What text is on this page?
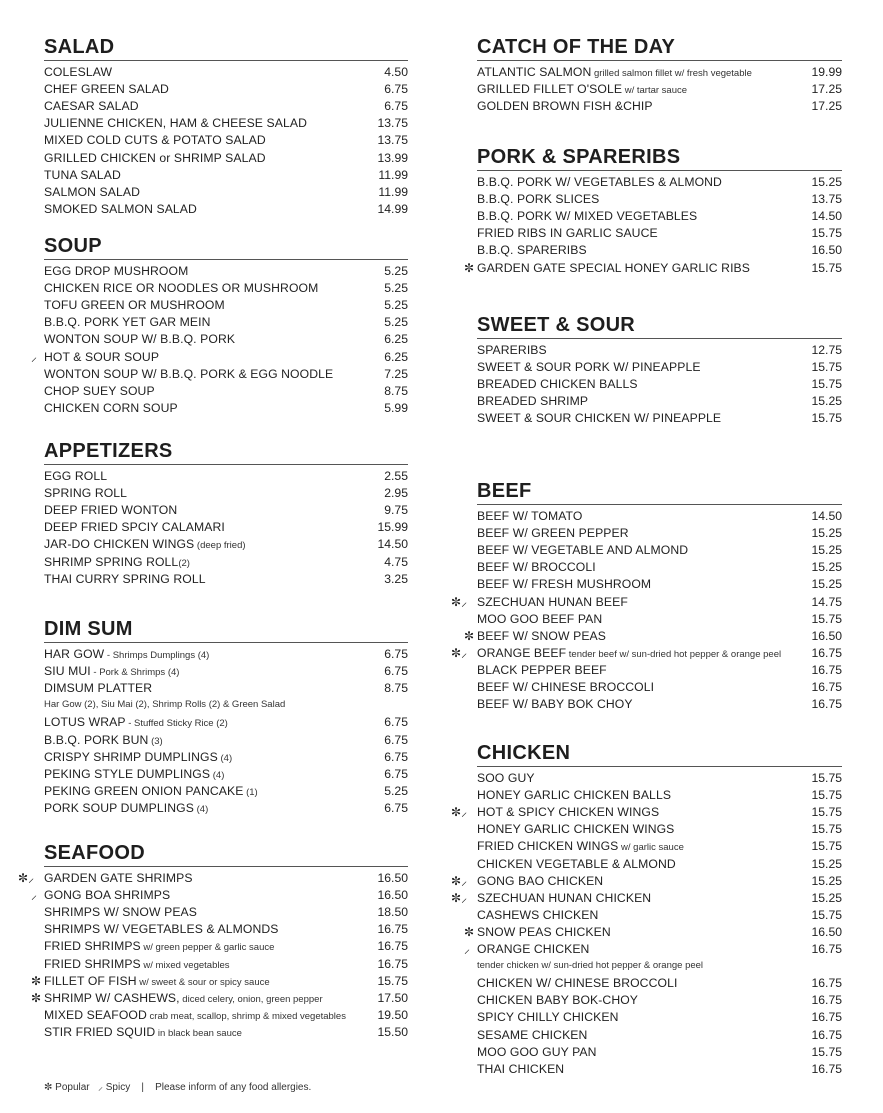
SALAD
COLESLAW	4.50
CHEF GREEN SALAD	6.75
CAESAR SALAD	6.75
JULIENNE CHICKEN, HAM & CHEESE SALAD	13.75
MIXED COLD CUTS & POTATO SALAD	13.75
GRILLED CHICKEN or SHRIMP SALAD	13.99
TUNA SALAD	11.99
SALMON SALAD	11.99
SMOKED SALMON SALAD	14.99
SOUP
EGG DROP MUSHROOM	5.25
CHICKEN RICE OR NOODLES OR MUSHROOM	5.25
TOFU GREEN OR MUSHROOM	5.25
B.B.Q. PORK YET GAR MEIN	5.25
WONTON SOUP W/ B.B.Q. PORK	6.25
HOT & SOUR SOUP	6.25
⸝
WONTON SOUP W/ B.B.Q. PORK & EGG NOODLE	7.25
CHOP SUEY SOUP	8.75
CHICKEN CORN SOUP	5.99
APPETIZERS
EGG ROLL	2.55
SPRING ROLL	2.95
DEEP FRIED WONTON	9.75
DEEP FRIED SPCIY CALAMARI	15.99
JAR-DO CHICKEN WINGS (deep fried)	14.50
SHRIMP SPRING ROLL(2)	4.75
THAI CURRY SPRING ROLL	3.25
DIM SUM
HAR GOW - Shrimps Dumplings (4)	6.75
SIU MUI - Pork & Shrimps (4)	6.75
DIMSUM PLATTER	8.75
Har Gow (2), Siu Mai (2), Shrimp Rolls (2) & Green Salad
LOTUS WRAP - Stuffed Sticky Rice (2)	6.75
B.B.Q. PORK BUN (3)	6.75
CRISPY SHRIMP DUMPLINGS (4)	6.75
PEKING STYLE DUMPLINGS (4)	6.75
PEKING GREEN ONION PANCAKE (1)	5.25
PORK SOUP DUMPLINGS (4)	6.75
SEAFOOD
GARDEN GATE SHRIMPS	16.50
✼⸝
GONG BOA SHRIMPS	16.50
⸝
SHRIMPS W/ SNOW PEAS	18.50
SHRIMPS W/ VEGETABLES & ALMONDS	16.75
FRIED SHRIMPS w/ green pepper & garlic sauce	16.75
FRIED SHRIMPS w/ mixed vegetables	16.75
FILLET OF FISH w/ sweet & sour or spicy sauce	15.75
✼
SHRIMP W/ CASHEWS, diced celery, onion, green pepper	17.50
✼
MIXED SEAFOOD crab meat, scallop, shrimp & mixed vegetables	19.50
STIR FRIED SQUID in black bean sauce	15.50
CATCH OF THE DAY
ATLANTIC SALMON grilled salmon fillet w/ fresh vegetable	19.99
GRILLED FILLET O'SOLE w/ tartar sauce	17.25
GOLDEN BROWN FISH &CHIP	17.25
PORK & SPARERIBS
B.B.Q. PORK W/ VEGETABLES & ALMOND	15.25
B.B.Q. PORK SLICES	13.75
B.B.Q. PORK W/ MIXED VEGETABLES	14.50
FRIED RIBS IN GARLIC SAUCE	15.75
B.B.Q. SPARERIBS	16.50
GARDEN GATE SPECIAL HONEY GARLIC RIBS	15.75
✼
SWEET & SOUR
SPARERIBS	12.75
SWEET & SOUR PORK W/ PINEAPPLE	15.75
BREADED CHICKEN BALLS	15.75
BREADED SHRIMP	15.25
SWEET & SOUR CHICKEN W/ PINEAPPLE	15.75
BEEF
BEEF W/ TOMATO	14.50
BEEF W/ GREEN PEPPER	15.25
BEEF W/ VEGETABLE AND ALMOND	15.25
BEEF W/ BROCCOLI	15.25
BEEF W/ FRESH MUSHROOM	15.25
SZECHUAN HUNAN BEEF	14.75
✼⸝
MOO GOO BEEF PAN	15.75
BEEF W/ SNOW PEAS	16.50
✼
ORANGE BEEF tender beef w/ sun-dried hot pepper & orange peel 16.75
✼⸝
BLACK PEPPER BEEF	16.75
BEEF W/ CHINESE BROCCOLI	16.75
BEEF W/ BABY BOK CHOY	16.75
CHICKEN
SOO GUY	15.75
HONEY GARLIC CHICKEN BALLS	15.75
HOT & SPICY CHICKEN WINGS	15.75
✼⸝
HONEY GARLIC CHICKEN WINGS	15.75
FRIED CHICKEN WINGS w/ garlic sauce	15.75
CHICKEN VEGETABLE & ALMOND	15.25
GONG BAO CHICKEN	15.25
✼⸝
SZECHUAN HUNAN CHICKEN	15.25
✼⸝
CASHEWS CHICKEN	15.75
SNOW PEAS CHICKEN	16.50
✼
ORANGE CHICKEN	16.75
⸝
tender chicken w/ sun-dried hot pepper & orange peel
CHICKEN W/ CHINESE BROCCOLI	16.75
CHICKEN BABY BOK-CHOY	16.75
SPICY CHILLY CHICKEN	16.75
SESAME CHICKEN	16.75
MOO GOO GUY PAN	15.75
THAI CHICKEN	16.75
✼ Popular ⸝ Spicy | Please inform of any food allergies.
